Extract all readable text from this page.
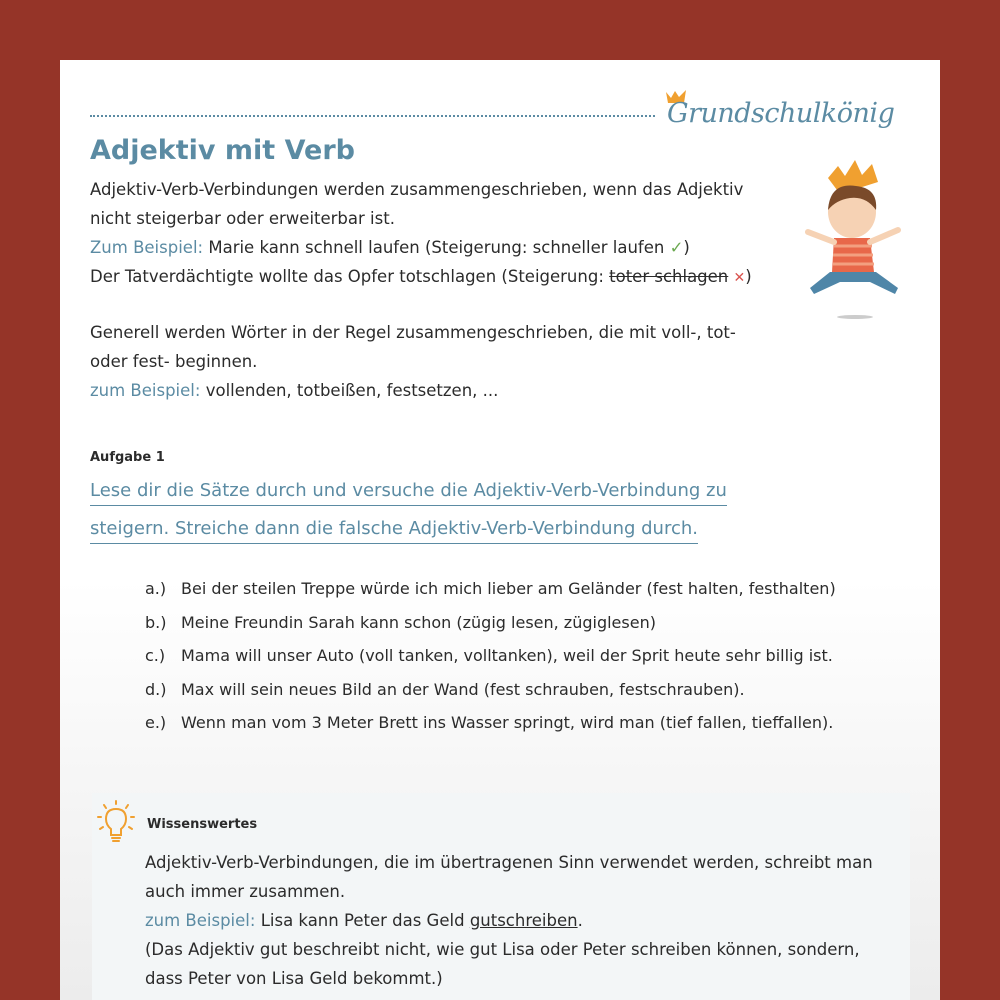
Grundschulkönig
Adjektiv mit Verb
Adjektiv-Verb-Verbindungen werden zusammengeschrieben, wenn das Adjektiv
nicht steigerbar oder erweiterbar ist.
Zum Beispiel: Marie kann schnell laufen (Steigerung: schneller laufen ✓)
Der Tatverdächtigte wollte das Opfer totschlagen (Steigerung: toter schlagen ✕)
Generell werden Wörter in der Regel zusammengeschrieben, die mit voll-, tot-
oder fest- beginnen.
zum Beispiel: vollenden, totbeißen, festsetzen, ...
Aufgabe 1
Lese dir die Sätze durch und versuche die Adjektiv-Verb-Verbindung zu
steigern. Streiche dann die falsche Adjektiv-Verb-Verbindung durch.
a.) Bei der steilen Treppe würde ich mich lieber am Geländer (fest halten, festhalten)
b.) Meine Freundin Sarah kann schon (zügig lesen, zügiglesen)
c.) Mama will unser Auto (voll tanken, volltanken), weil der Sprit heute sehr billig ist.
d.) Max will sein neues Bild an der Wand (fest schrauben, festschrauben).
e.) Wenn man vom 3 Meter Brett ins Wasser springt, wird man (tief fallen, tieffallen).
Wissenswertes
Adjektiv-Verb-Verbindungen, die im übertragenen Sinn verwendet werden, schreibt man
auch immer zusammen.
zum Beispiel: Lisa kann Peter das Geld gutschreiben.
(Das Adjektiv gut beschreibt nicht, wie gut Lisa oder Peter schreiben können, sondern,
dass Peter von Lisa Geld bekommt.)
